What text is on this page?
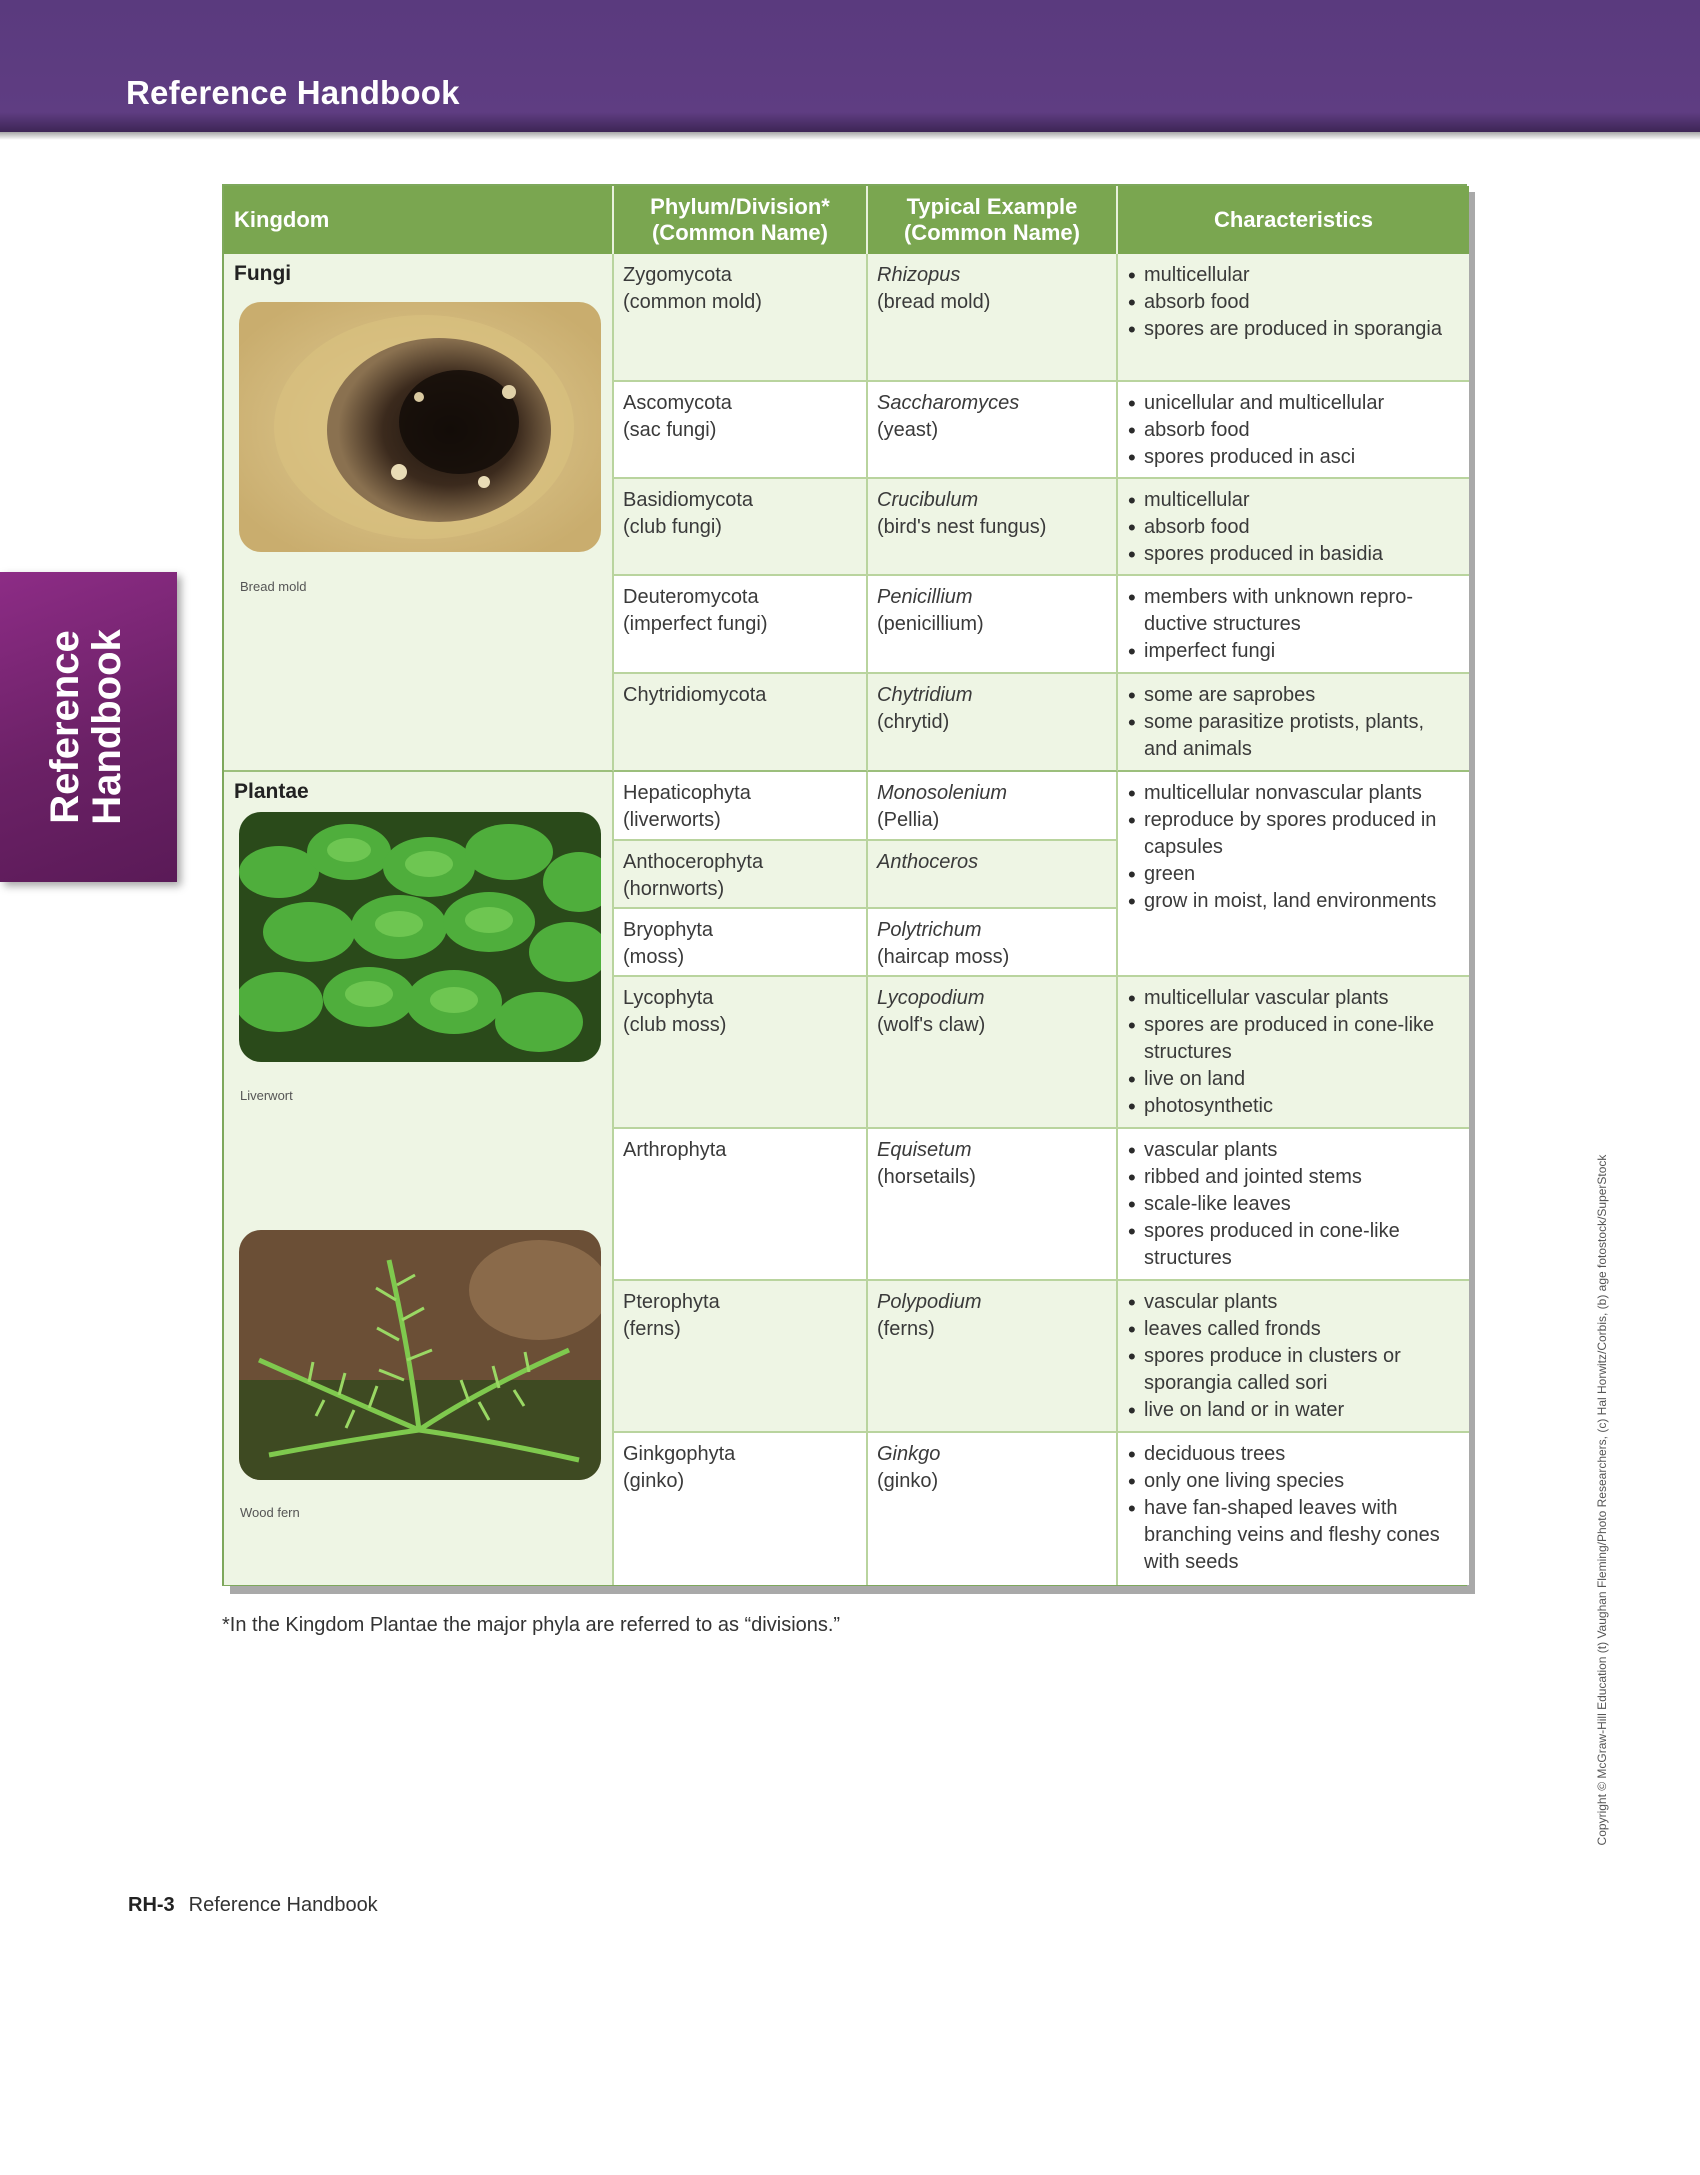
Reference Handbook
Reference
Handbook
Kingdom
Phylum/Division*
(Common Name)
Typical Example
(Common Name)
Characteristics
Fungi
Bread mold
Zygomycota
(common mold)
Rhizopus
(bread mold)
• multicellular
• absorb food
• spores are produced in sporangia
Ascomycota
(sac fungi)
Saccharomyces
(yeast)
• unicellular and multicellular
• absorb food
• spores produced in asci
Basidiomycota
(club fungi)
Crucibulum
(bird's nest fungus)
• multicellular
• absorb food
• spores produced in basidia
Deuteromycota
(imperfect fungi)
Penicillium
(penicillium)
• members with unknown repro- ductive structures
• imperfect fungi
Chytridiomycota	Chytridium
(chrytid)
• some are saprobes
• some parasitize protists, plants, and animals
Plantae
Liverwort
Wood fern
Hepaticophyta
(liverworts)
Monosolenium
(Pellia)
Anthocerophyta
(hornworts)
Anthoceros
Bryophyta
(moss)
Polytrichum
(haircap moss)
• multicellular nonvascular plants
• reproduce by spores produced in capsules
• green
• grow in moist, land environments
Lycophyta
(club moss)
Lycopodium
(wolf's claw)
• multicellular vascular plants
• spores are produced in cone-like structures
• live on land
• photosynthetic
Arthrophyta	Equisetum
(horsetails)
• vascular plants
• ribbed and jointed stems
• scale-like leaves
• spores produced in cone-like structures
Pterophyta
(ferns)
Polypodium
(ferns)
• vascular plants
• leaves called fronds
• spores produce in clusters or sporangia called sori
• live on land or in water
Ginkgophyta
(ginko)
Ginkgo
(ginko)
• deciduous trees
• only one living species
• have fan-shaped leaves with branching veins and fleshy cones with seeds
*In the Kingdom Plantae the major phyla are referred to as “divisions.”
RH-3 Reference Handbook
Copyright © McGraw-Hill Education (t) Vaughan Fleming/Photo Researchers, (c) Hal Horwitz/Corbis, (b) age fotostock/SuperStock
